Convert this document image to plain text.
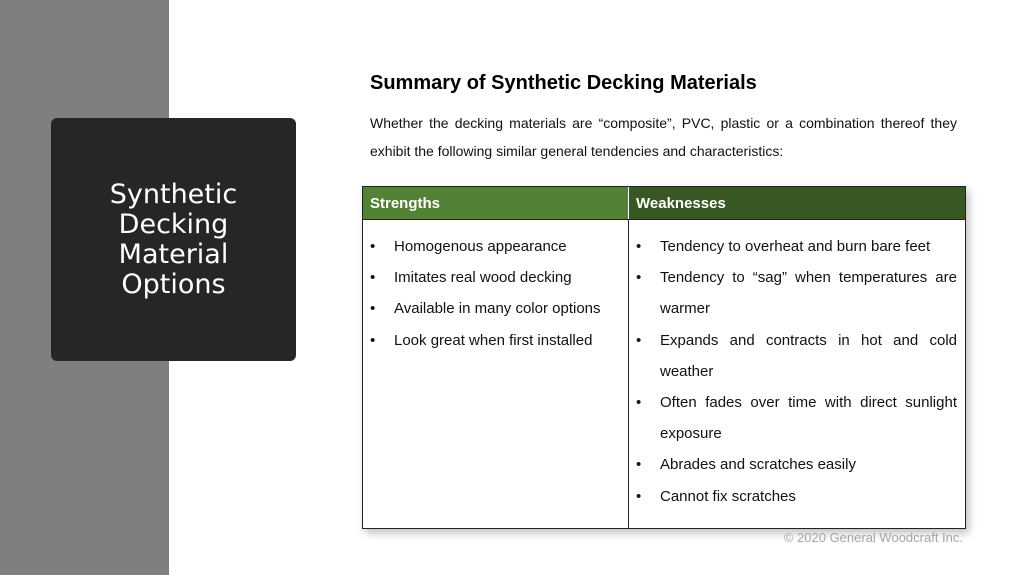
Synthetic
Decking
Material
Options
Summary of Synthetic Decking Materials
Whether the decking materials are “composite”, PVC, plastic or a combination thereof they exhibit the following similar general tendencies and characteristics:
Strengths	Weaknesses
• Homogenous appearance
• Imitates real wood decking
• Available in many color options
• Look great when first installed
• Tendency to overheat and burn bare feet
• Tendency to “sag” when temperatures are warmer
• Expands and contracts in hot and cold weather
• Often fades over time with direct sunlight exposure
• Abrades and scratches easily
• Cannot fix scratches
© 2020 General Woodcraft Inc.
